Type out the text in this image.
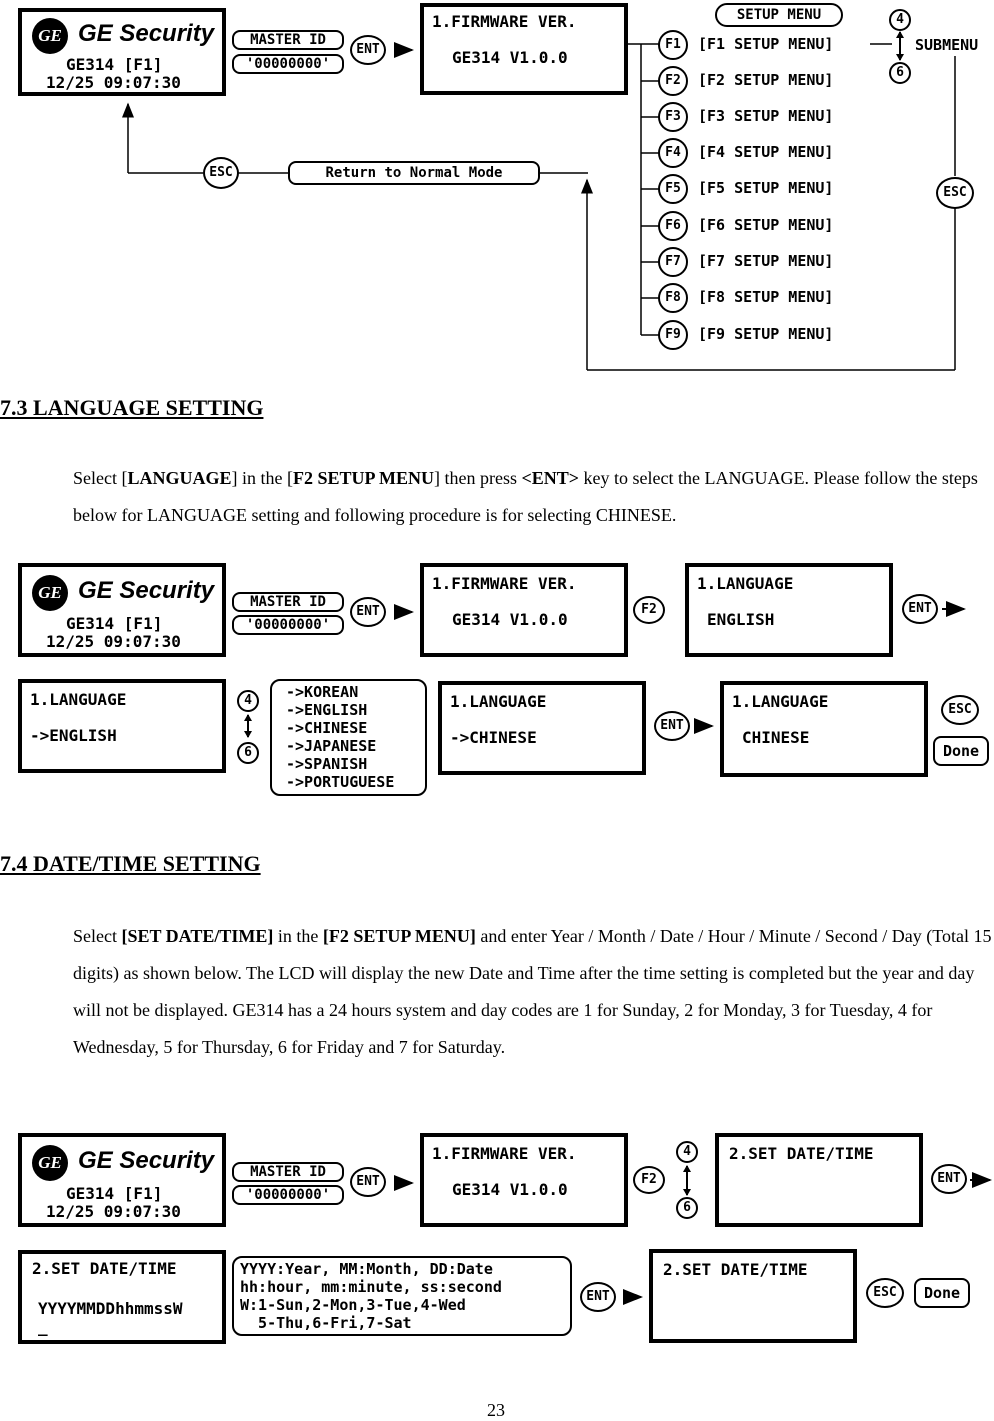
GE GE Security
GE314 [F1]
12/25 09:07:30
MASTER ID
'00000000'
ENT
1.FIRMWARE VER.
GE314 V1.0.0
SETUP MENU	4
6
SUBMENU
F1	[F1 SETUP MENU]
F2	[F2 SETUP MENU]
F3	[F3 SETUP MENU]
F4	[F4 SETUP MENU]
F5	[F5 SETUP MENU]
F6	[F6 SETUP MENU]
F7	[F7 SETUP MENU]
F8	[F8 SETUP MENU]
F9	[F9 SETUP MENU]
ESC
Return to Normal Mode
ESC
7.3 LANGUAGE SETTING
Select [LANGUAGE] in the [F2 SETUP MENU] then press <ENT> key to select the LANGUAGE. Please follow the steps below for LANGUAGE setting and following procedure is for selecting CHINESE.
GE GE Security
GE314 [F1]
12/25 09:07:30
MASTER ID
'00000000'
ENT
1.FIRMWARE VER.
GE314 V1.0.0
F2
1.LANGUAGE
ENGLISH
ENT
1.LANGUAGE
->ENGLISH
4
6
->KOREAN
->ENGLISH
->CHINESE
->JAPANESE
->SPANISH
->PORTUGUESE
1.LANGUAGE
->CHINESE
ENT
1.LANGUAGE
CHINESE
ESC
Done
7.4 DATE/TIME SETTING
Select [SET DATE/TIME] in the [F2 SETUP MENU] and enter Year / Month / Date / Hour / Minute / Second / Day (Total 15 digits) as shown below. The LCD will display the new Date and Time after the time setting is completed but the year and day will not be displayed. GE314 has a 24 hours system and day codes are 1 for Sunday, 2 for Monday, 3 for Tuesday, 4 for Wednesday, 5 for Thursday, 6 for Friday and 7 for Saturday.
GE GE Security
GE314 [F1]
12/25 09:07:30
MASTER ID
'00000000'
ENT
1.FIRMWARE VER.
GE314 V1.0.0
F2
4
6
2.SET DATE/TIME
ENT
2.SET DATE/TIME
YYYYMMDDhhmmssW
_
YYYY:Year, MM:Month, DD:Date
hh:hour, mm:minute, ss:second
W:1-Sun,2-Mon,3-Tue,4-Wed
5-Thu,6-Fri,7-Sat
ENT
2.SET DATE/TIME
ESC	Done
23
